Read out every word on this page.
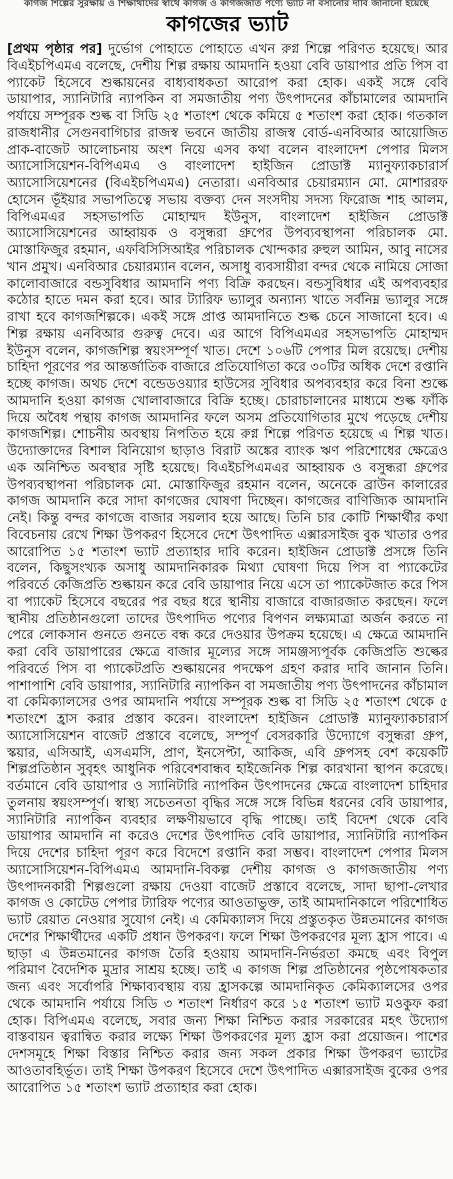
কাগজ শিল্পের সুরক্ষায় ও শিক্ষার্থীদের স্বার্থে কাগজ ও কাগজজাত পণ্যে ভ্যাট না বসানোর দাবি জানানো হয়েছে
কাগজের ভ্যাট
[প্রথম পৃষ্ঠার পর] দুর্ভোগ পোহাতে পোহাতে এখন রুগ্ন শিল্পে পরিণত হয়েছে। আর বিএইচপিএমএ বলেছে, দেশীয় শিল্প রক্ষায় আমদানি হওয়া বেবি ডায়াপার প্রতি পিস বা প্যাকেট হিসেবে শুল্কায়নের বাধ্যবাধকতা আরোপ করা হোক। একই সঙ্গে বেবি ডায়াপার, স্যানিটারি ন্যাপকিন বা সমজাতীয় পণ্য উৎপাদনের কাঁচামালের আমদানি পর্যায়ে সম্পূরক শুল্ক বা সিডি ২৫ শতাংশ থেকে কমিয়ে ৫ শতাংশ করা হোক। গতকাল রাজধানীর সেগুনবাগিচার রাজস্ব ভবনে জাতীয় রাজস্ব বোর্ড-এনবিআর আয়োজিত প্রাক-বাজেট আলোচনায় অংশ নিয়ে এসব কথা বলেন বাংলাদেশ পেপার মিলস অ্যাসোসিয়েশন-বিপিএমএ ও বাংলাদেশ হাইজিন প্রোডাক্ট ম্যানুফ্যাকচারার্স অ্যাসোসিয়েশনের (বিএইচপিএমএ) নেতারা। এনবিআর চেয়ারম্যান মো. মোশাররফ হোসেন ভূঁইয়ার সভাপতিত্বে সভায় বক্তব্য দেন সংসদীয় সদস্য ফিরোজ শাহ আলম, বিপিএমএর সহসভাপতি মোহাম্মদ ইউনুস, বাংলাদেশ হাইজিন প্রোডাক্ট অ্যাসোসিয়েশনের আহ্বায়ক ও বসুন্ধরা গ্রুপের উপব্যবস্থাপনা পরিচালক মো. মোস্তাফিজুর রহমান, এফবিসিসিআইর পরিচালক খোন্দকার রুহুল আমিন, আবু নাসের খান প্রমুখ। এনবিআর চেয়ারম্যান বলেন, অসাধু ব্যবসায়ীরা বন্দর থেকে নামিয়ে সোজা কালোবাজারে বন্ডসুবিধার আমদানি পণ্য বিক্রি করছেন। বন্ডসুবিধার এই অপব্যবহার কঠোর হাতে দমন করা হবে। আর ট্যারিফ ভ্যালুর অন্যান্য খাতে সর্বনিম্ন ভ্যালুর সঙ্গে রাখা হবে কাগজশিল্পকে। একই সঙ্গে প্রাপ্ত আমদানিতে শুল্ক চেনে সাজানো হবে। এ শিল্প রক্ষায় এনবিআর গুরুত্ব দেবে। এর আগে বিপিএমএর সহসভাপতি মোহাম্মদ ইউনুস বলেন, কাগজশিল্প স্বয়ংসম্পূর্ণ খাত। দেশে ১০৬টি পেপার মিল রয়েছে। দেশীয় চাহিদা পূরণের পর আন্তর্জাতিক বাজারে প্রতিযোগিতা করে ৩০টির অধিক দেশে রপ্তানি হচ্ছে কাগজ। অথচ দেশে বন্ডেডওয়্যার হাউসের সুবিধার অপব্যবহার করে বিনা শুল্কে আমদানি হওয়া কাগজ খোলাবাজারে বিক্রি হচ্ছে। চোরাচালানের মাধ্যমে শুল্ক ফাঁকি দিয়ে অবৈধ পন্থায় কাগজ আমদানির ফলে অসম প্রতিযোগিতার মুখে পড়েছে দেশীয় কাগজশিল্প। শোচনীয় অবস্থায় নিপতিত হয়ে রুগ্ন শিল্পে পরিণত হয়েছে এ শিল্প খাত। উদ্যোক্তাদের বিশাল বিনিয়োগ ছাড়াও বিরাট অঙ্কের ব্যাংক ঋণ পরিশোধের ক্ষেত্রেও এক অনিশ্চিত অবস্থার সৃষ্টি হয়েছে। বিএইচপিএমএর আহ্বায়ক ও বসুন্ধরা গ্রুপের উপব্যবস্থাপনা পরিচালক মো. মোস্তাফিজুর রহমান বলেন, অনেকে ব্রাউন কালারের কাগজ আমদানি করে সাদা কাগজের ঘোষণা দিচ্ছেন। কাগজের বাণিজ্যিক আমদানি নেই। কিন্তু বন্দর কাগজে বাজার সয়লাব হয়ে আছে। তিনি চার কোটি শিক্ষার্থীর কথা বিবেচনায় রেখে শিক্ষা উপকরণ হিসেবে দেশে উৎপাদিত এক্সারসাইজ বুক খাতার ওপর আরোপিত ১৫ শতাংশ ভ্যাট প্রত্যাহার দাবি করেন। হাইজিন প্রোডাক্ট প্রসঙ্গে তিনি বলেন, কিছুসংখ্যক অসাধু আমদানিকারক মিথ্যা ঘোষণা দিয়ে পিস বা প্যাকেটের পরিবর্তে কেজিপ্রতি শুল্কায়ন করে বেবি ডায়াপার নিয়ে এসে তা প্যাকেটজাত করে পিস বা প্যাকেট হিসেবে বছরের পর বছর ধরে স্থানীয় বাজারে বাজারজাত করছেন। ফলে স্থানীয় প্রতিষ্ঠানগুলো তাদের উৎপাদিত পণ্যের বিপণন লক্ষ্যমাত্রা অর্জন করতে না পেরে লোকসান গুনতে গুনতে বন্ধ করে দেওয়ার উপক্রম হয়েছে। এ ক্ষেত্রে আমদানি করা বেবি ডায়াপারের ক্ষেত্রে বাজার মূল্যের সঙ্গে সামঞ্জস্যপূর্বক কেজিপ্রতি শুল্কের পরিবর্তে পিস বা প্যাকেটপ্রতি শুল্কায়নের পদক্ষেপ গ্রহণ করার দাবি জানান তিনি। পাশাপাশি বেবি ডায়াপার, স্যানিটারি ন্যাপকিন বা সমজাতীয় পণ্য উৎপাদনের কাঁচামাল বা কেমিক্যালসের ওপর আমদানি পর্যায়ে সম্পূরক শুল্ক বা সিডি ২৫ শতাংশ থেকে ৫ শতাংশে হ্রাস করার প্রস্তাব করেন। বাংলাদেশ হাইজিন প্রোডাক্ট ম্যানুফ্যাকচারার্স অ্যাসোসিয়েশন বাজেট প্রস্তাবে বলেছে, সম্পূর্ণ বেসরকারি উদ্যোগে বসুন্ধরা গ্রুপ, স্কয়ার, এসিআই, এসএমসি, প্রাণ, ইনসেপ্টা, আকিজ, এবি গ্রুপসহ বেশ কয়েকটি শিল্পপ্রতিষ্ঠান সুবৃহৎ আধুনিক পরিবেশবান্ধব হাইজেনিক শিল্প কারখানা স্থাপন করেছে। বর্তমানে বেবি ডায়াপার ও স্যানিটারি ন্যাপকিন উৎপাদনের ক্ষেত্রে বাংলাদেশ চাহিদার তুলনায় স্বয়ংসম্পূর্ণ। স্বাস্থ্য সচেতনতা বৃদ্ধির সঙ্গে সঙ্গে বিভিন্ন ধরনের বেবি ডায়াপার, স্যানিটারি ন্যাপকিন ব্যবহার লক্ষণীয়ভাবে বৃদ্ধি পাচ্ছে। তাই বিদেশ থেকে বেবি ডায়াপার আমদানি না করেও দেশের উৎপাদিত বেবি ডায়াপার, স্যানিটারি ন্যাপকিন দিয়ে দেশের চাহিদা পূরণ করে বিদেশে রপ্তানি করা সম্ভব। বাংলাদেশ পেপার মিলস অ্যাসোসিয়েশন-বিপিএমএ আমদানি-বিকল্প দেশীয় কাগজ ও কাগজজাতীয় পণ্য উৎপাদনকারী শিল্পগুলো রক্ষায় দেওয়া বাজেট প্রস্তাবে বলেছে, সাদা ছাপা-লেখার কাগজ ও কোটেড পেপার ট্যারিফ পণ্যের আওতাভুক্ত, তাই আমদানিকালে পরিশোধিত ভ্যাট রেয়াত নেওয়ার সুযোগ নেই। এ কেমিক্যালস দিয়ে প্রস্তুতকৃত উন্নতমানের কাগজ দেশের শিক্ষার্থীদের একটি প্রধান উপকরণ। ফলে শিক্ষা উপকরণের মূল্য হ্রাস পাবে। এ ছাড়া এ উন্নতমানের কাগজ তৈরি হওয়ায় আমদানি-নির্ভরতা কমছে এবং বিপুল পরিমাণ বৈদেশিক মুদ্রার সাশ্রয় হচ্ছে। তাই এ কাগজ শিল্প প্রতিষ্ঠানের পৃষ্ঠপোষকতার জন্য এবং সর্বোপরি শিক্ষাব্যবস্থায় ব্যয় হ্রাসকল্পে আমদানিকৃত কেমিক্যালসের ওপর থেকে আমদানি পর্যায়ে সিডি ৩ শতাংশ নির্ধারণ করে ১৫ শতাংশ ভ্যাট মওকুফ করা হোক। বিপিএমএ বলেছে, সবার জন্য শিক্ষা নিশ্চিত করার সরকারের মহৎ উদ্যোগ বাস্তবায়ন ত্বরান্বিত করার লক্ষ্যে শিক্ষা উপকরণের মূল্য হ্রাস করা প্রয়োজন। পাশের দেশসমূহে শিক্ষা বিস্তার নিশ্চিত করার জন্য সকল প্রকার শিক্ষা উপকরণ ভ্যাটের আওতাবহির্ভূত। তাই শিক্ষা উপকরণ হিসেবে দেশে উৎপাদিত এক্সারসাইজ বুকের ওপর আরোপিত ১৫ শতাংশ ভ্যাট প্রত্যাহার করা হোক।
